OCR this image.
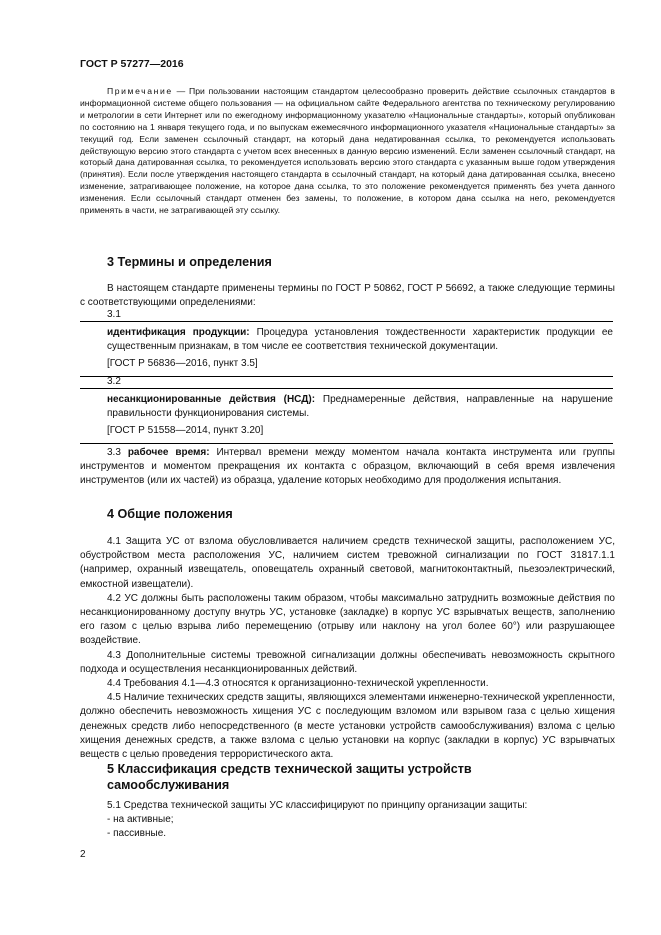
ГОСТ Р 57277—2016
Примечание — При пользовании настоящим стандартом целесообразно проверить действие ссылочных стандартов в информационной системе общего пользования — на официальном сайте Федерального агентства по техническому регулированию и метрологии в сети Интернет или по ежегодному информационному указателю «Национальные стандарты», который опубликован по состоянию на 1 января текущего года, и по выпускам ежемесячного информационного указателя «Национальные стандарты» за текущий год. Если заменен ссылочный стандарт, на который дана недатированная ссылка, то рекомендуется использовать действующую версию этого стандарта с учетом всех внесенных в данную версию изменений. Если заменен ссылочный стандарт, на который дана датированная ссылка, то рекомендуется использовать версию этого стандарта с указанным выше годом утверждения (принятия). Если после утверждения настоящего стандарта в ссылочный стандарт, на который дана датированная ссылка, внесено изменение, затрагивающее положение, на которое дана ссылка, то это положение рекомендуется применять без учета данного изменения. Если ссылочный стандарт отменен без замены, то положение, в котором дана ссылка на него, рекомендуется применять в части, не затрагивающей эту ссылку.
3 Термины и определения

В настоящем стандарте применены термины по ГОСТ Р 50862, ГОСТ Р 56692, а также следующие термины с соответствующими определениями:

3.1

идентификация продукции: Процедура установления тождественности характеристик продукции ее существенным признакам, в том числе ее соответствия технической документации.

[ГОСТ Р 56836—2016, пункт 3.5]

3.2

несанкционированные действия (НСД): Преднамеренные действия, направленные на нарушение правильности функционирования системы.

[ГОСТ Р 51558—2014, пункт 3.20]

3.3 рабочее время: Интервал времени между моментом начала контакта инструмента или группы инструментов и моментом прекращения их контакта с образцом, включающий в себя время извлечения инструментов (или их частей) из образца, удаление которых необходимо для продолжения испытания.

4 Общие положения

4.1 Защита УС от взлома обусловливается наличием средств технической защиты, расположением УС, обустройством места расположения УС, наличием систем тревожной сигнализации по ГОСТ 31817.1.1 (например, охранный извещатель, оповещатель охранный световой, магнитоконтактный, пьезоэлектрический, емкостной извещатели).

4.2 УС должны быть расположены таким образом, чтобы максимально затруднить возможные действия по несанкционированному доступу внутрь УС, установке (закладке) в корпус УС взрывчатых веществ, заполнению его газом с целью взрыва либо перемещению (отрыву или наклону на угол более 60°) или разрушающее воздействие.

4.3 Дополнительные системы тревожной сигнализации должны обеспечивать невозможность скрытного подхода и осуществления несанкционированных действий.

4.4 Требования 4.1—4.3 относятся к организационно-технической укрепленности.

4.5 Наличие технических средств защиты, являющихся элементами инженерно-технической укрепленности, должно обеспечить невозможность хищения УС с последующим взломом или взрывом газа с целью хищения денежных средств либо непосредственного (в месте установки устройств самообслуживания) взлома с целью хищения денежных средств, а также взлома с целью установки на корпус (закладки в корпус) УС взрывчатых веществ с целью проведения террористического акта.

5 Классификация средств технической защиты устройств
самообслуживания

5.1 Средства технической защиты УС классифицируют по принципу организации защиты:

- на активные;

- пассивные.

2
